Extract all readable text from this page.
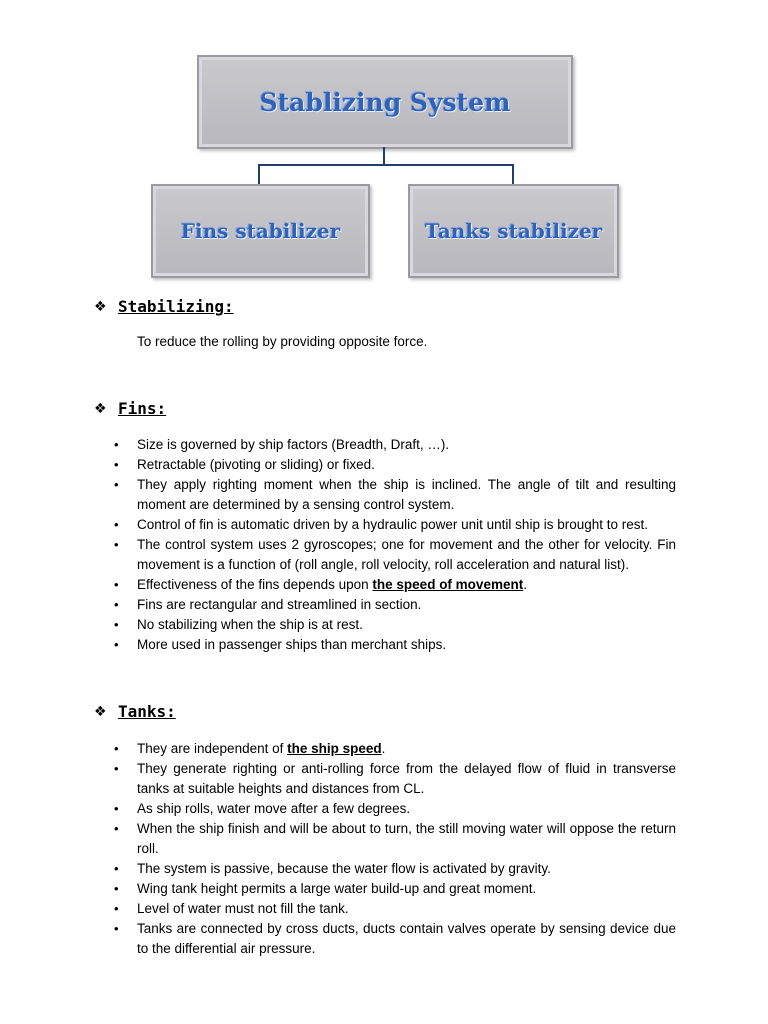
Stablizing System
Fins stabilizer	Tanks stabilizer
❖ Stabilizing:
To reduce the rolling by providing opposite force.
❖ Fins:
• Size is governed by ship factors (Breadth, Draft, …).
• Retractable (pivoting or sliding) or fixed.
• They apply righting moment when the ship is inclined. The angle of tilt and resulting moment are determined by a sensing control system.
• Control of fin is automatic driven by a hydraulic power unit until ship is brought to rest.
• The control system uses 2 gyroscopes; one for movement and the other for velocity. Fin movement is a function of (roll angle, roll velocity, roll acceleration and natural list).
• Effectiveness of the fins depends upon the speed of movement.
• Fins are rectangular and streamlined in section.
• No stabilizing when the ship is at rest.
• More used in passenger ships than merchant ships.
❖ Tanks:
• They are independent of the ship speed.
• They generate righting or anti-rolling force from the delayed flow of fluid in transverse tanks at suitable heights and distances from CL.
• As ship rolls, water move after a few degrees.
• When the ship finish and will be about to turn, the still moving water will oppose the return roll.
• The system is passive, because the water flow is activated by gravity.
• Wing tank height permits a large water build-up and great moment.
• Level of water must not fill the tank.
• Tanks are connected by cross ducts, ducts contain valves operate by sensing device due to the differential air pressure.
